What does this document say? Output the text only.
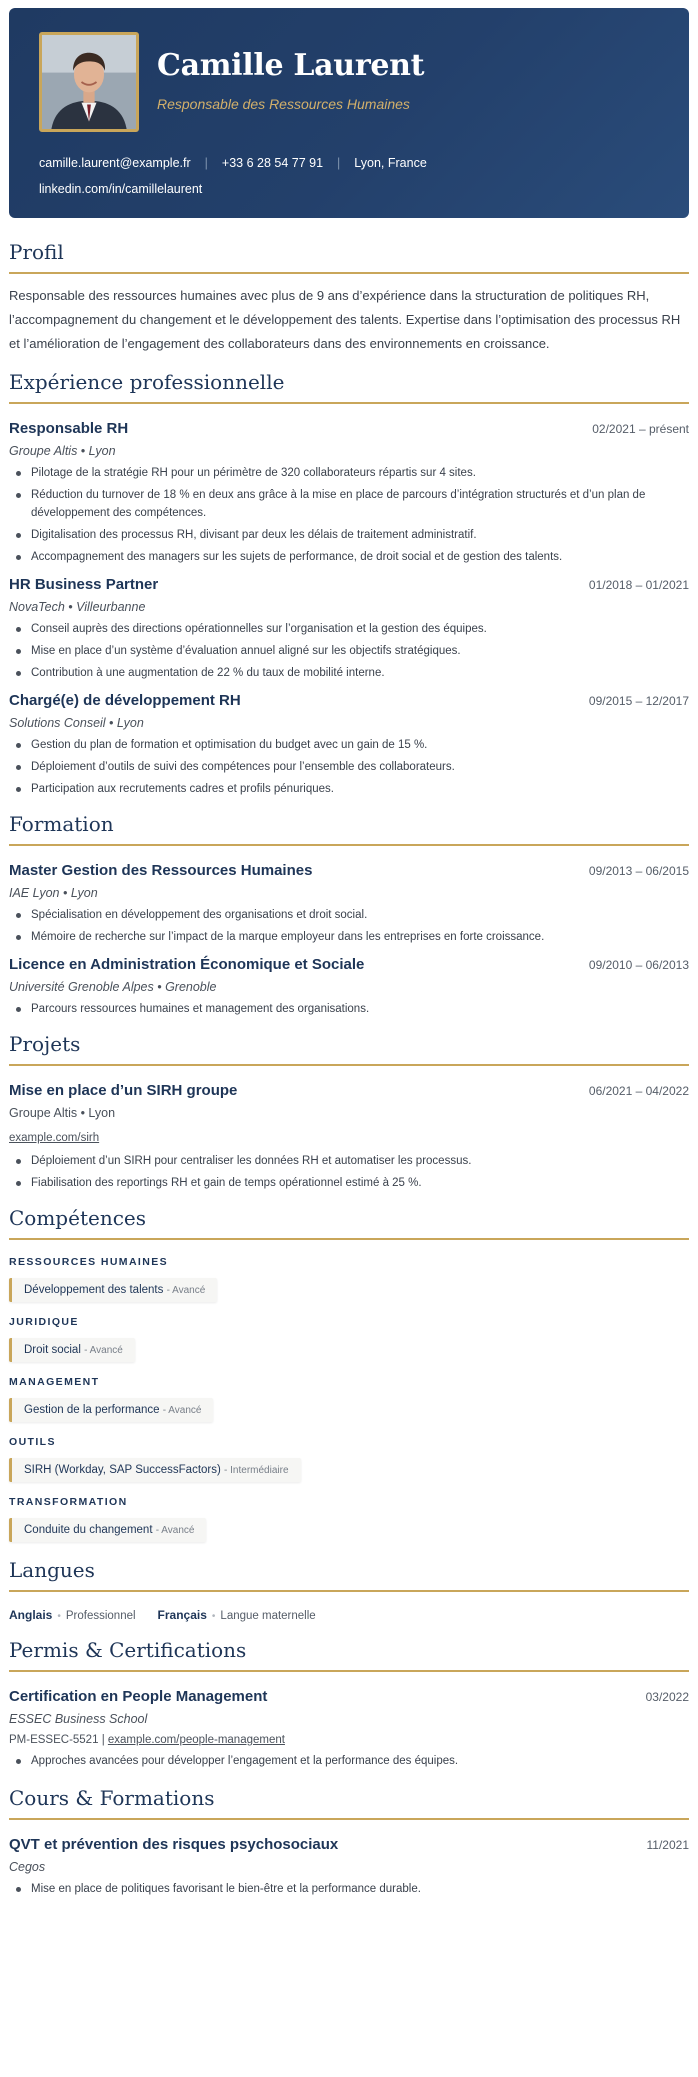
Camille Laurent
Responsable des Ressources Humaines
camille.laurent@example.fr | +33 6 28 54 77 91 | Lyon, France
linkedin.com/in/camillelaurent
Profil

Responsable des ressources humaines avec plus de 9 ans d’expérience dans la structuration de politiques RH, l’accompagnement du changement et le développement des talents. Expertise dans l’optimisation des processus RH et l’amélioration de l’engagement des collaborateurs dans des environnements en croissance.

Expérience professionnelle
Responsable RH	02/2021 – présent
Groupe Altis • Lyon
Pilotage de la stratégie RH pour un périmètre de 320 collaborateurs répartis sur 4 sites.
Réduction du turnover de 18 % en deux ans grâce à la mise en place de parcours d’intégration structurés et d’un plan de développement des compétences.
Digitalisation des processus RH, divisant par deux les délais de traitement administratif.
Accompagnement des managers sur les sujets de performance, de droit social et de gestion des talents.
HR Business Partner	01/2018 – 01/2021
NovaTech • Villeurbanne
Conseil auprès des directions opérationnelles sur l’organisation et la gestion des équipes.
Mise en place d’un système d’évaluation annuel aligné sur les objectifs stratégiques.
Contribution à une augmentation de 22 % du taux de mobilité interne.
Chargé(e) de développement RH	09/2015 – 12/2017
Solutions Conseil • Lyon
Gestion du plan de formation et optimisation du budget avec un gain de 15 %.
Déploiement d’outils de suivi des compétences pour l’ensemble des collaborateurs.
Participation aux recrutements cadres et profils pénuriques.
Formation
Master Gestion des Ressources Humaines	09/2013 – 06/2015
IAE Lyon • Lyon
Spécialisation en développement des organisations et droit social.
Mémoire de recherche sur l’impact de la marque employeur dans les entreprises en forte croissance.
Licence en Administration Économique et Sociale	09/2010 – 06/2013
Université Grenoble Alpes • Grenoble
Parcours ressources humaines et management des organisations.
Projets
Mise en place d’un SIRH groupe	06/2021 – 04/2022
Groupe Altis • Lyon
example.com/sirh
Déploiement d’un SIRH pour centraliser les données RH et automatiser les processus.
Fiabilisation des reportings RH et gain de temps opérationnel estimé à 25 %.
Compétences
RESSOURCES HUMAINES
Développement des talents - Avancé
JURIDIQUE
Droit social - Avancé
MANAGEMENT
Gestion de la performance - Avancé
OUTILS
SIRH (Workday, SAP SuccessFactors) - Intermédiaire
TRANSFORMATION
Conduite du changement - Avancé
Langues
Anglais • Professionnel Français • Langue maternelle
Permis & Certifications
Certification en People Management	03/2022
ESSEC Business School
PM-ESSEC-5521 | example.com/people-management
Approches avancées pour développer l’engagement et la performance des équipes.
Cours & Formations
QVT et prévention des risques psychosociaux	11/2021
Cegos
Mise en place de politiques favorisant le bien-être et la performance durable.
